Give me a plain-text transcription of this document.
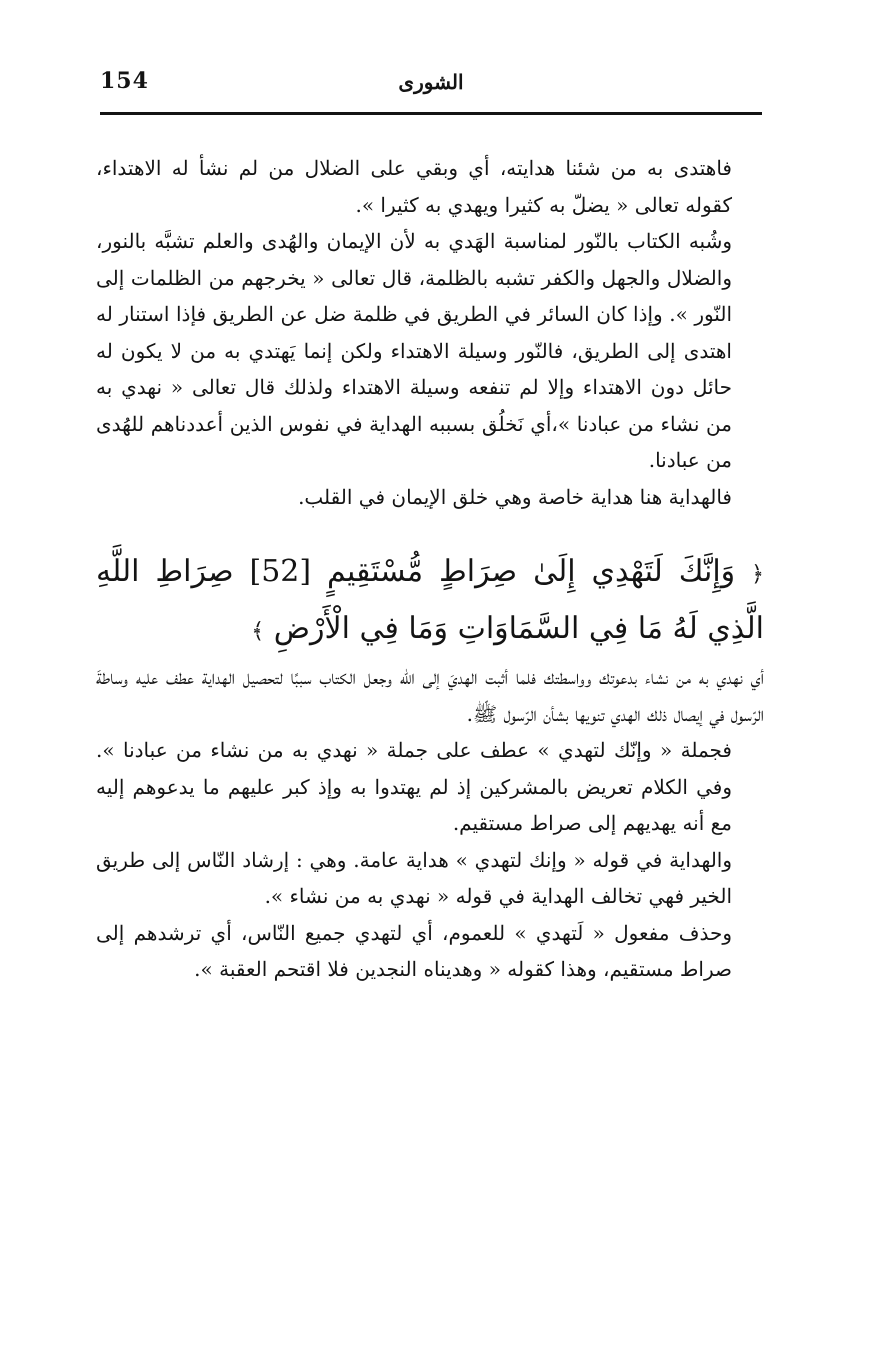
154	الشورى

فاهتدى به من شئنا هدايته، أي وبقي على الضلال من لم نشأ له الاهتداء، كقوله تعالى « يضلّ به كثيرا ويهدي به كثيرا ».

وشُبه الكتاب بالنّور لمناسبة الهَدي به لأن الإيمان والهُدى والعلم تشبَّه بالنور، والضلال والجهل والكفر تشبه بالظلمة، قال تعالى « يخرجهم من الظلمات إلى النّور ». وإذا كان السائر في الطريق في ظلمة ضل عن الطريق فإذا استنار له اهتدى إلى الطريق، فالنّور وسيلة الاهتداء ولكن إنما يَهتدي به من لا يكون له حائل دون الاهتداء وإلا لم تنفعه وسيلة الاهتداء ولذلك قال تعالى « نهدي به من نشاء من عبادنا »،أي نَخلُق بسببه الهداية في نفوس الذين أعددناهم للهُدى من عبادنا.

فالهداية هنا هداية خاصة وهي خلق الإيمان في القلب.

﴿ وَإِنَّكَ لَتَهْدِي إِلَىٰ صِرَاطٍ مُّسْتَقِيمٍ [52] صِرَاطِ اللَّهِ الَّذِي لَهُ مَا فِي السَّمَاوَاتِ وَمَا فِي الْأَرْضِ ﴾

أي نهدي به من نشاء بدعوتك وواسطتك فلما أثبت الهديَ إلى الله وجعل الكتاب سببًا لتحصيل الهداية عطف عليه وساطةَ الرّسول في إيصال ذلك الهدي تنويها بشأن الرّسول ﷺ.

فجملة « وإنّك لتهدي » عطف على جملة « نهدي به من نشاء من عبادنا ». وفي الكلام تعريض بالمشركين إذ لم يهتدوا به وإذ كبر عليهم ما يدعوهم إليه مع أنه يهديهم إلى صراط مستقيم.

والهداية في قوله « وإنك لتهدي » هداية عامة. وهي : إرشاد النّاس إلى طريق الخير فهي تخالف الهداية في قوله « نهدي به من نشاء ».

وحذف مفعول « لَتهدي » للعموم، أي لتهدي جميع النّاس، أي ترشدهم إلى صراط مستقيم، وهذا كقوله « وهديناه النجدين فلا اقتحم العقبة ».
